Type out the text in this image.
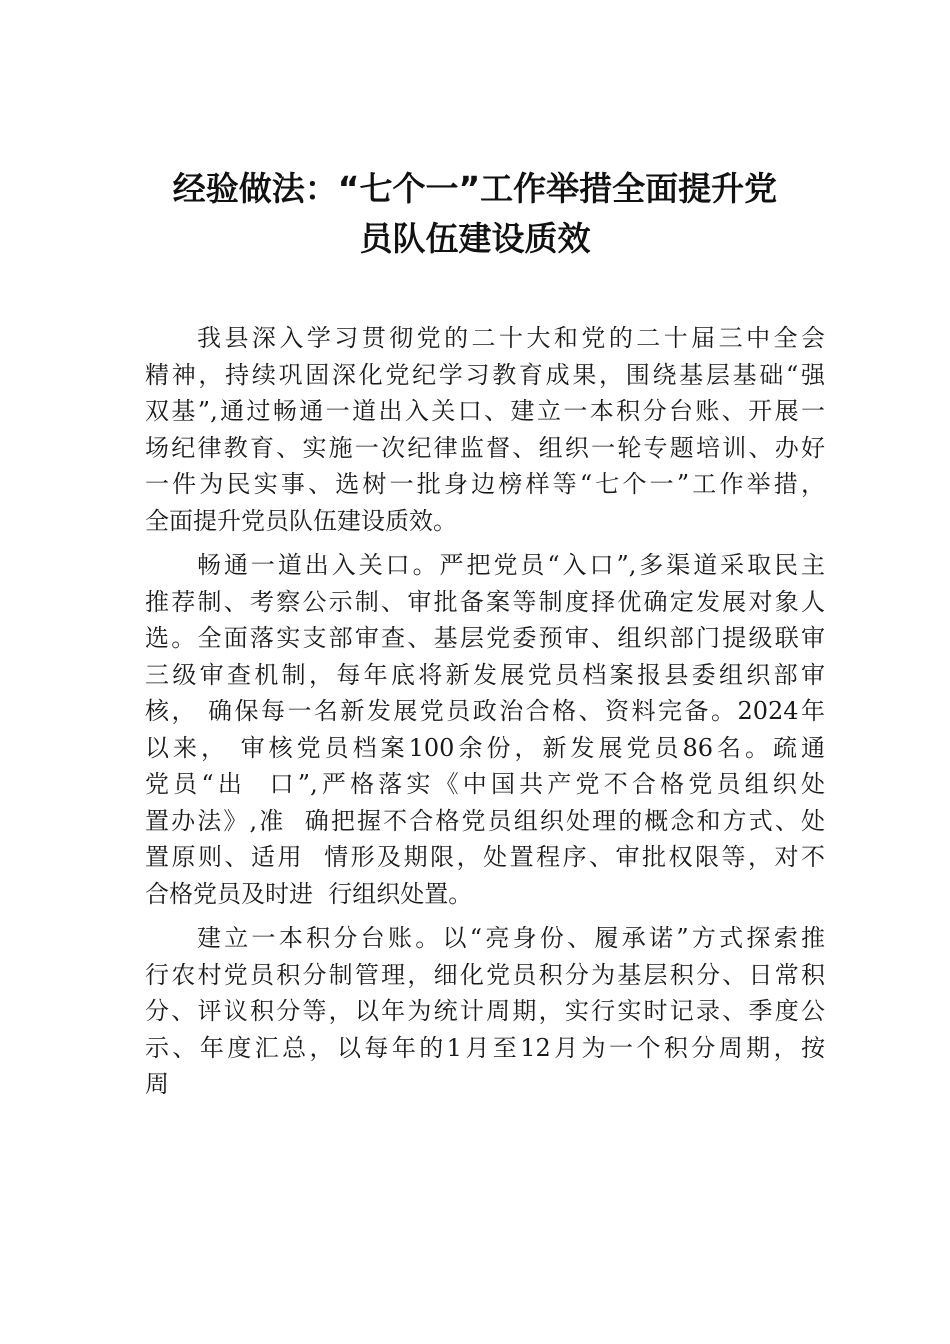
经验做法：“七个一”工作举措全面提升党
员队伍建设质效
我县深入学习贯彻党的二十大和党的二十届三中全会
精神，持续巩固深化党纪学习教育成果，围绕基层基础“强
双基”,通过畅通一道出入关口、建立一本积分台账、开展一
场纪律教育、实施一次纪律监督、组织一轮专题培训、办好
一件为民实事、选树一批身边榜样等“七个一”工作举措，
全面提升党员队伍建设质效。
畅通一道出入关口。严把党员“入口”,多渠道采取民主
推荐制、考察公示制、审批备案等制度择优确定发展对象人
选。全面落实支部审查、基层党委预审、组织部门提级联审
三级审查机制，每年底将新发展党员档案报县委组织部审
核， 确保每一名新发展党员政治合格、资料完备。2024年
以来， 审核党员档案100余份，新发展党员86名。疏通
党员“出  口”,严格落实《中国共产党不合格党员组织处
置办法》,准  确把握不合格党员组织处理的概念和方式、处
置原则、适用  情形及期限，处置程序、审批权限等，对不
合格党员及时进  行组织处置。
建立一本积分台账。以“亮身份、履承诺”方式探索推
行农村党员积分制管理，细化党员积分为基层积分、日常积
分、评议积分等，以年为统计周期，实行实时记录、季度公
示、年度汇总，以每年的1月至12月为一个积分周期，按
周
